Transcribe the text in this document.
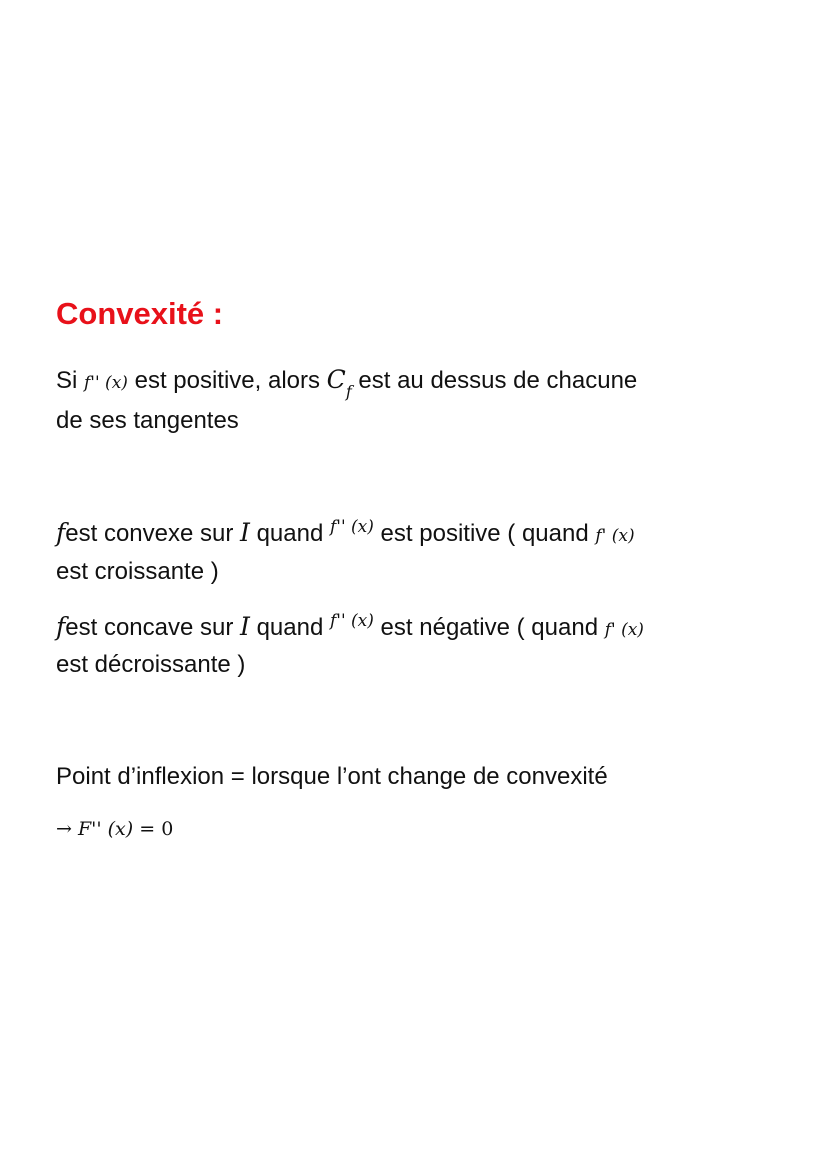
Convexité :
Si f'' (x) est positive, alors $C_f$ est au dessus de chacune
de ses tangentes
fest convexe sur I quand $^{f'' (x)}$ est positive ( quand f' (x)
est croissante )
fest concave sur I quand $^{f'' (x)}$ est négative ( quand f' (x)
est décroissante )
Point d’inflexion = lorsque l’ont change de convexité
→ F'' (x) = 0
